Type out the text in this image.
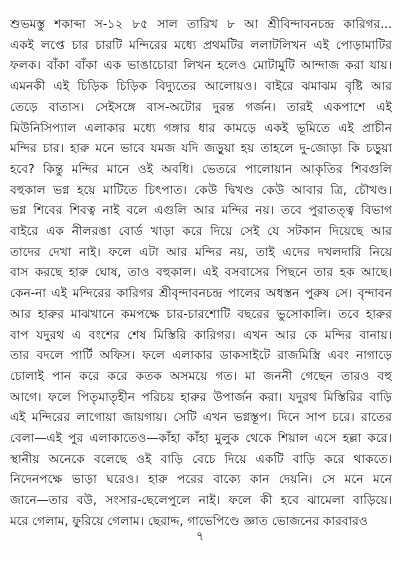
শুভমস্তু শকাব্দা স-১২ ৮৫ সাল তারিখ ৮ আ শ্রীবিন্দাবনচন্দ্র কারিগর...
একই লপ্তে চার চারটি মন্দিরের মধ্যে প্রথমটির ললাটলিখন এই পোড়ামাটির
ফলক। বাঁকা বাঁকা এক ভাঙাচোরা লিখন হলেও মোটামুটি আন্দাজ করা যায়।
এমনকী এই চিড়িক চিড়িক বিদ্যুতের আলোয়ও। বাইরে ঝমাঝম বৃষ্টি আর
তেড়ে বাতাস। সেইসঙ্গে বাস-অটোর দুরন্ত গর্জন। তারই একপাশে এই
মিউনিসিপ্যাল এলাকার মধ্যে গঙ্গার ধার কামড়ে একই ভূমিতে এই প্রাচীন
মন্দির চার। হারু মনে ভাবে যমজ যদি জড়ুয়া হয় তাহলে দু-জোড়া কি চড়ুয়া
হবে? কিন্তু মন্দির মানে ওই অবধি। ভেতরে পালোয়ান আকৃতির শিবগুলি
বহুকাল ভগ্ন হয়ে মাটিতে চিৎপাত। কেউ দ্বিখণ্ড কেউ আবার ত্রি, চৌখণ্ড।
ভগ্ন শিবের শিবত্ব নাই বলে এগুলি আর মন্দির নয়। তবে পুরাতত্ত্ব বিভাগ
বাইরে এক নীলরঙা বোর্ড খাড়া করে দিয়ে সেই যে সটকান দিয়েছে আর
তাদের দেখা নাই। ফলে এটা আর মন্দির নয়, তাই এদের দখলদারি নিয়ে
বাস করছে হারু ঘোষ, তাও বহুকাল। এই বসবাসের পিছনে তার হক আছে।
কেন-না এই মন্দিরের কারিগর শ্রীবৃন্দাবনচন্দ্র পালের অধস্তন পুরুষ সে। বৃন্দাবন
আর হারুর মাঝখানে কমপক্ষে চার-চারশোটি বছরের ভুসোকালি। তবে হারুর
বাপ যদুরথ এ বংশের শেষ মিস্তিরি কারিগর। এখন আর কে মন্দির বানায়।
তার বদলে পার্টি অফিস। ফলে এলাকার ডাকসাইটে রাজমিস্ত্রি এবং নাগাড়ে
চোলাই পান করে করে কতক অসময়ে গত। মা জননী গেছেন তারও বহু
আগে। ফলে পিতৃমাতৃহীন পরিচয় হারুর উপার্জন করা। যদুরথ মিস্তিরির বাড়ি
এই মন্দিরের লাগোয়া জায়গায়। সেটি এখন ভগ্নস্তূপ। দিনে সাপ চরে। রাতের
বেলা—এই পুর এলাকাতেও—কাঁহা কাঁহা মুলুক থেকে শিয়াল এসে হল্লা করে।
স্থানীয় অনেকে বলেছে ওই বাড়ি বেচে দিয়ে একটি বাড়ি করে থাকতে।
নিদেনপক্ষে ভাড়া ঘরেও। হারু পরের বাক্যে কান দেয়নি। সে মনে মনে
জানে—তার বউ, সংসার-ছেলেপুলে নাই। ফলে কী হবে ঝামেলা বাড়িয়ে।
মরে গেলাম, ফুরিয়ে গেলাম। ছেরাদ্দ, গাভেপিণ্ডে জ্ঞাত ভোজনের কারবারও
৭
